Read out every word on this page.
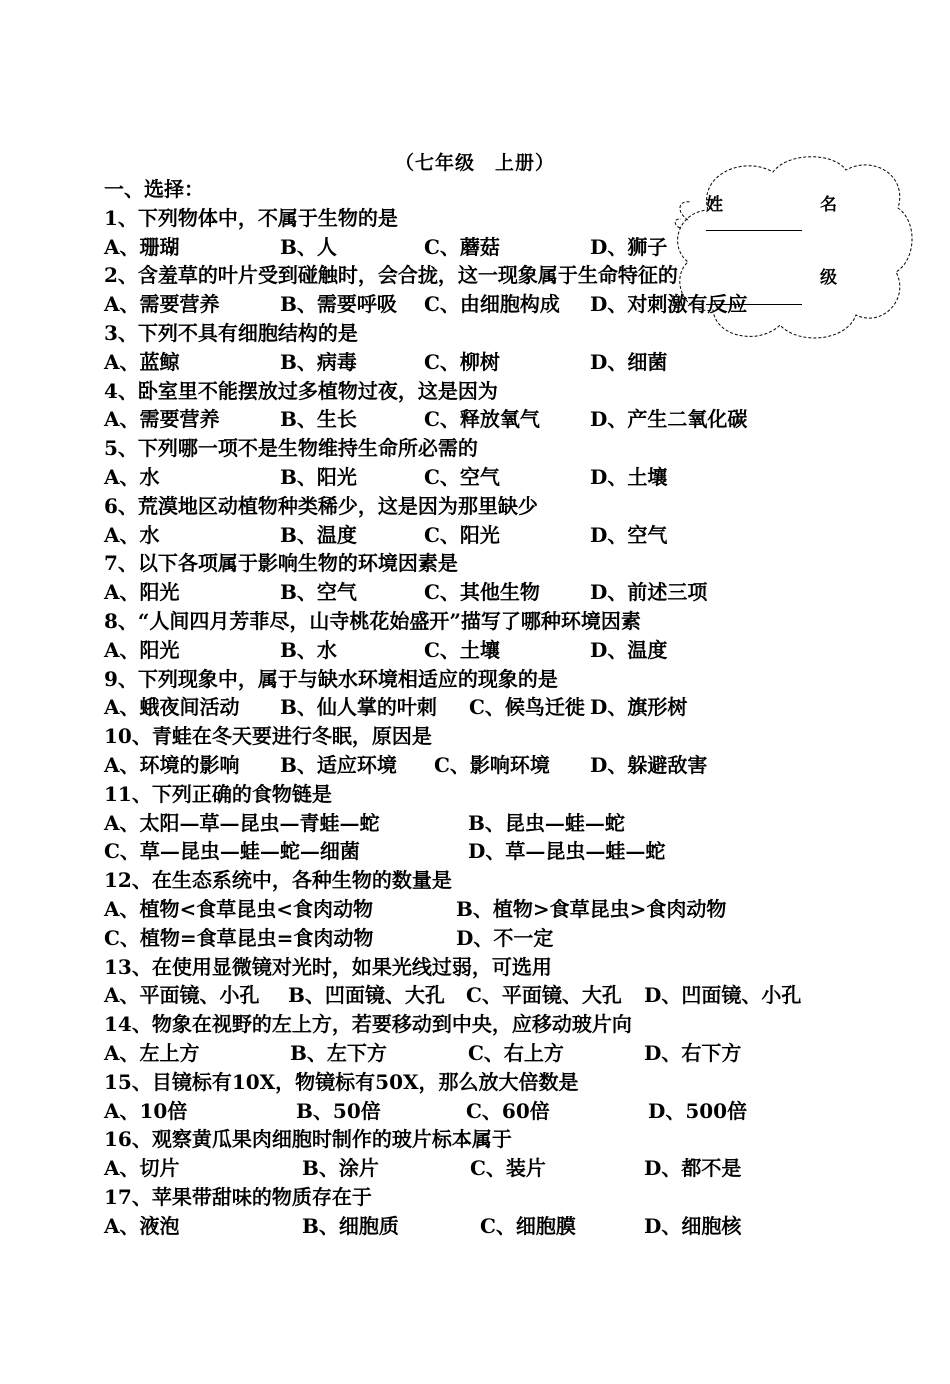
（七年级　上册）
姓	名
级
一、选择：
1、下列物体中，不属于生物的是

A、珊瑚

	B、人

	C、蘑菇

	D、狮子

2、含羞草的叶片受到碰触时，会合拢，这一现象属于生命特征的

A、需要营养

	B、需要呼吸

C、由细胞构成

D、对刺激有反应

3、下列不具有细胞结构的是

A、蓝鲸

	B、病毒

	C、柳树

	D、细菌

4、卧室里不能摆放过多植物过夜，这是因为

A、需要营养

	B、生长

	C、释放氧气

	D、产生二氧化碳

5、下列哪一项不是生物维持生命所必需的

A、水

	B、阳光

	C、空气

	D、土壤

6、荒漠地区动植物种类稀少，这是因为那里缺少

A、水

	B、温度

	C、阳光

	D、空气

7、以下各项属于影响生物的环境因素是

A、阳光

	B、空气

	C、其他生物

	D、前述三项

8、“人间四月芳菲尽，山寺桃花始盛开”描写了哪种环境因素

A、阳光

	B、水

	C、土壤

	D、温度

9、下列现象中，属于与缺水环境相适应的现象的是

A、蛾夜间活动

B、仙人掌的叶刺

C、候鸟迁徙

D、旗形树

10、青蛙在冬天要进行冬眠，原因是

A、环境的影响

B、适应环境

C、影响环境

D、躲避敌害

11、下列正确的食物链是

A、太阳—草—昆虫—青蛙—蛇

	B、昆虫—蛙—蛇

C、草—昆虫—蛙—蛇—细菌

	D、草—昆虫—蛙—蛇

12、在生态系统中，各种生物的数量是

A、植物<食草昆虫<食肉动物

	B、植物>食草昆虫>食肉动物

C、植物=食草昆虫=食肉动物

	D、不一定

13、在使用显微镜对光时，如果光线过弱，可选用

A、平面镜、小孔

B、凹面镜、大孔

C、平面镜、大孔

D、凹面镜、小孔

14、物象在视野的左上方，若要移动到中央，应移动玻片向

A、左上方

	B、左下方

	C、右上方

	D、右下方

15、目镜标有10X，物镜标有50X，那么放大倍数是

A、10倍

	B、50倍

	C、60倍

	D、500倍

16、观察黄瓜果肉细胞时制作的玻片标本属于

A、切片

	B、涂片

	C、装片

	D、都不是

17、苹果带甜味的物质存在于

A、液泡

	B、细胞质

	C、细胞膜

	D、细胞核
